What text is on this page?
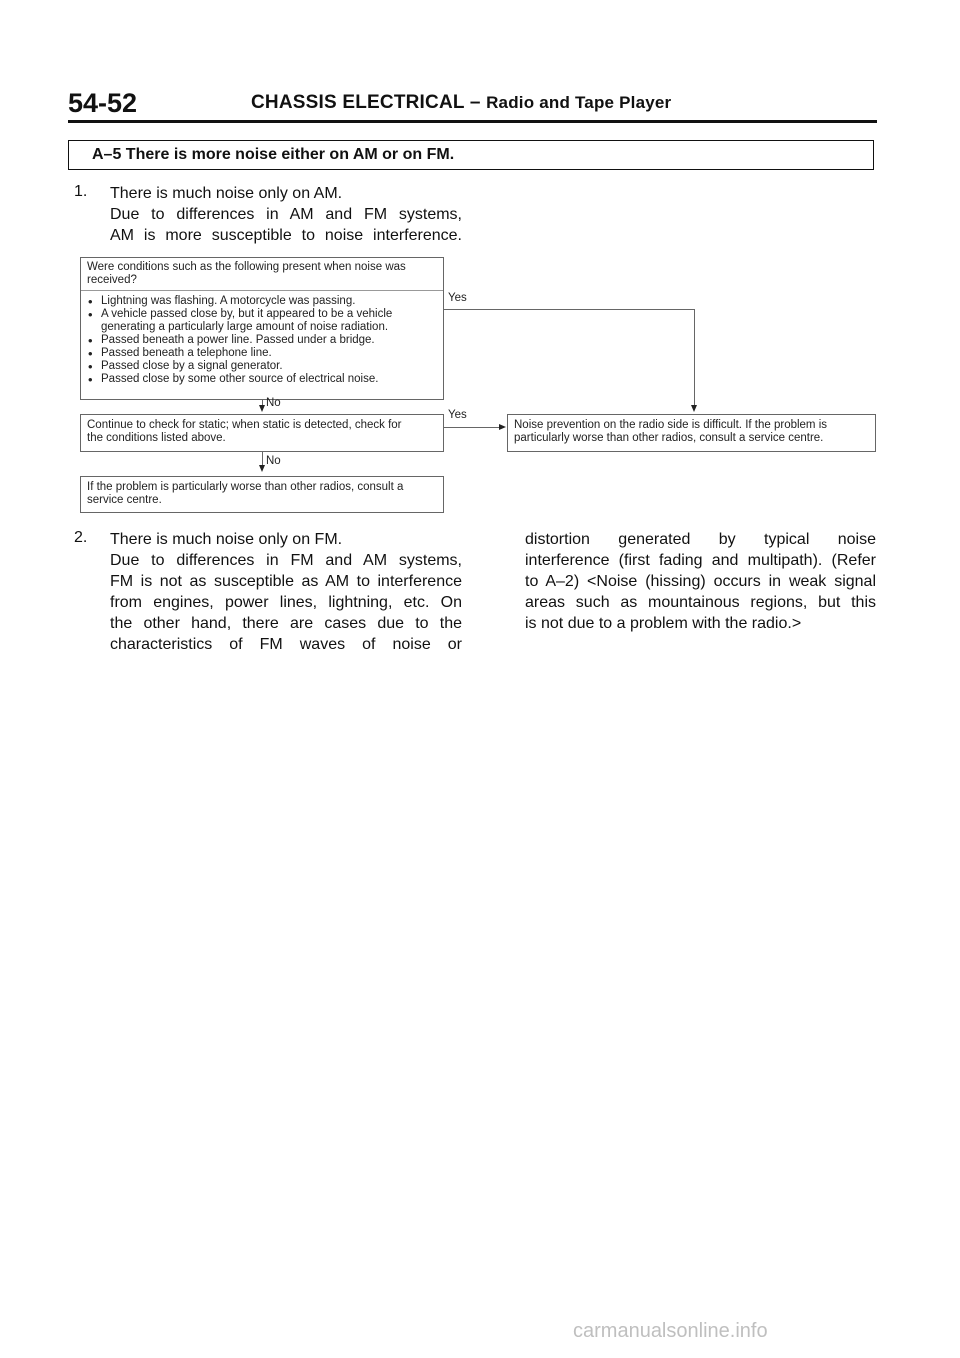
54-52	CHASSIS ELECTRICAL – Radio and Tape Player
A–5 There is more noise either on AM or on FM.
1. There is much noise only on AM.
Due to differences in AM and FM systems,
AM is more susceptible to noise interference.
Were conditions such as the following present when noise was
received?
• Lightning was flashing. A motorcycle was passing.
• A vehicle passed close by, but it appeared to be a vehicle generating a particularly large amount of noise radiation.
• Passed beneath a power line. Passed under a bridge.
• Passed beneath a telephone line.
• Passed close by a signal generator.
• Passed close by some other source of electrical noise.
Yes
No
Continue to check for static; when static is detected, check for
the conditions listed above.
Yes
Noise prevention on the radio side is difficult. If the problem is
particularly worse than other radios, consult a service centre.
No
If the problem is particularly worse than other radios, consult a
service centre.
2. There is much noise only on FM.
Due to differences in FM and AM systems,
FM is not as susceptible as AM to interference
from engines, power lines, lightning, etc. On
the other hand, there are cases due to the
characteristics of FM waves of noise or
distortion generated by typical noise
interference (first fading and multipath). (Refer
to A–2) <Noise (hissing) occurs in weak signal
areas such as mountainous regions, but this
is not due to a problem with the radio.>
carmanualsonline.info
